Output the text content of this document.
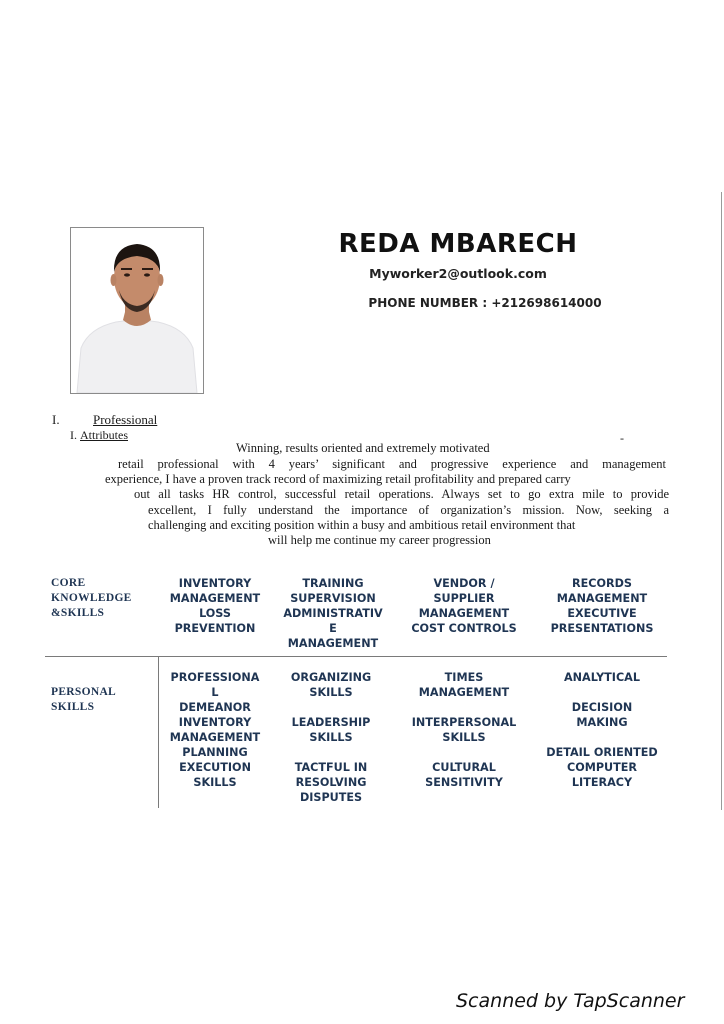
REDA MBARECH
Myworker2@outlook.com
PHONE NUMBER : +212698614000
I.	Professional
I. Attributes	-
Winning, results oriented and extremely motivated
retail professional with 4 years’ significant and progressive experience and management
experience, I have a proven track record of maximizing retail profitability and prepared carry
out all tasks HR control, successful retail operations. Always set to go extra mile to provide
excellent, I fully understand the importance of organization’s mission. Now, seeking a
challenging and exciting position within a busy and ambitious retail environment that
will help me continue my career progression
CORE
KNOWLEDGE
&SKILLS
INVENTORY
MANAGEMENT
LOSS
PREVENTION
TRAINING
SUPERVISION
ADMINISTRATIV
E
MANAGEMENT
VENDOR /
SUPPLIER
MANAGEMENT
COST CONTROLS
RECORDS
MANAGEMENT
EXECUTIVE
PRESENTATIONS
PERSONAL
SKILLS
PROFESSIONA
L
DEMEANOR
INVENTORY
MANAGEMENT
PLANNING
EXECUTION
SKILLS
ORGANIZING
SKILLS

LEADERSHIP
SKILLS

TACTFUL IN
RESOLVING
DISPUTES
TIMES
MANAGEMENT

INTERPERSONAL
SKILLS

CULTURAL
SENSITIVITY
ANALYTICAL

DECISION
MAKING

DETAIL ORIENTED
COMPUTER
LITERACY
Scanned by TapScanner
